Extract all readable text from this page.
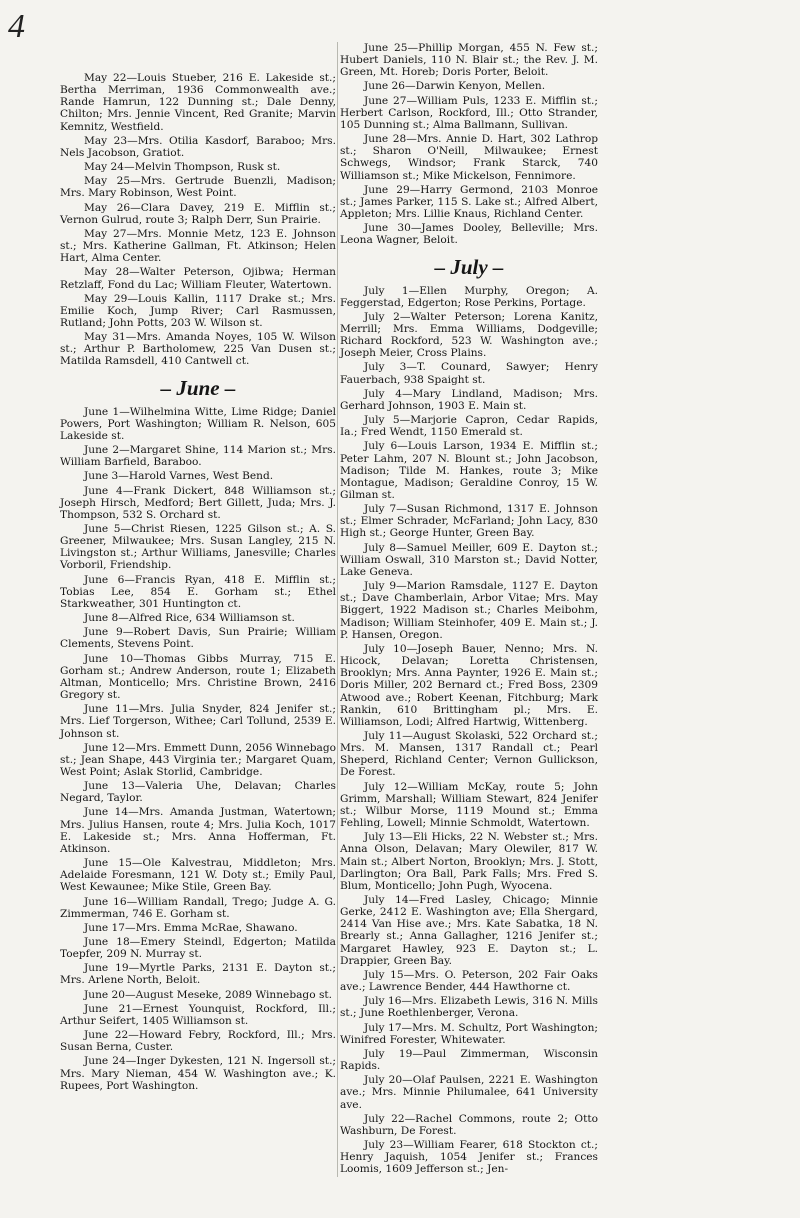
4

May 22—Louis Stueber, 216 E. Lakeside st.; Bertha Merriman, 1936 Commonwealth ave.; Rande Hamrun, 122 Dunning st.; Dale Denny, Chilton; Mrs. Jennie Vincent, Red Granite; Marvin Kemnitz, Westfield.

May 23—Mrs. Otilia Kasdorf, Baraboo; Mrs. Nels Jacobson, Gratiot.

May 24—Melvin Thompson, Rusk st.

May 25—Mrs. Gertrude Buenzli, Madison; Mrs. Mary Robinson, West Point.

May 26—Clara Davey, 219 E. Mifflin st.; Vernon Gulrud, route 3; Ralph Derr, Sun Prairie.

May 27—Mrs. Monnie Metz, 123 E. Johnson st.; Mrs. Katherine Gallman, Ft. Atkinson; Helen Hart, Alma Center.

May 28—Walter Peterson, Ojibwa; Herman Retzlaff, Fond du Lac; William Fleuter, Watertown.

May 29—Louis Kallin, 1117 Drake st.; Mrs. Emilie Koch, Jump River; Carl Rasmussen, Rutland; John Potts, 203 W. Wilson st.

May 31—Mrs. Amanda Noyes, 105 W. Wilson st.; Arthur P. Bartholomew, 225 Van Dusen st.; Matilda Ramsdell, 410 Cantwell ct.

– June –

June 1—Wilhelmina Witte, Lime Ridge; Daniel Powers, Port Washington; William R. Nelson, 605 Lakeside st.

June 2—Margaret Shine, 114 Marion st.; Mrs. William Barfield, Baraboo.

June 3—Harold Varnes, West Bend.

June 4—Frank Dickert, 848 Williamson st.; Joseph Hirsch, Medford; Bert Gillett, Juda; Mrs. J. Thompson, 532 S. Orchard st.

June 5—Christ Riesen, 1225 Gilson st.; A. S. Greener, Milwaukee; Mrs. Susan Langley, 215 N. Livingston st.; Arthur Williams, Janesville; Charles Vorboril, Friendship.

June 6—Francis Ryan, 418 E. Mifflin st.; Tobias Lee, 854 E. Gorham st.; Ethel Starkweather, 301 Huntington ct.

June 8—Alfred Rice, 634 Williamson st.

June 9—Robert Davis, Sun Prairie; William Clements, Stevens Point.

June 10—Thomas Gibbs Murray, 715 E. Gorham st.; Andrew Anderson, route 1; Elizabeth Altman, Monticello; Mrs. Christine Brown, 2416 Gregory st.

June 11—Mrs. Julia Snyder, 824 Jenifer st.; Mrs. Lief Torgerson, Withee; Carl Tollund, 2539 E. Johnson st.

June 12—Mrs. Emmett Dunn, 2056 Winnebago st.; Jean Shape, 443 Virginia ter.; Margaret Quam, West Point; Aslak Storlid, Cambridge.

June 13—Valeria Uhe, Delavan; Charles Negard, Taylor.

June 14—Mrs. Amanda Justman, Watertown; Mrs. Julius Hansen, route 4; Mrs. Julia Koch, 1017 E. Lakeside st.; Mrs. Anna Hofferman, Ft. Atkinson.

June 15—Ole Kalvestrau, Middleton; Mrs. Adelaide Foresmann, 121 W. Doty st.; Emily Paul, West Kewaunee; Mike Stile, Green Bay.

June 16—William Randall, Trego; Judge A. G. Zimmerman, 746 E. Gorham st.

June 17—Mrs. Emma McRae, Shawano.

June 18—Emery Steindl, Edgerton; Matilda Toepfer, 209 N. Murray st.

June 19—Myrtle Parks, 2131 E. Dayton st.; Mrs. Arlene North, Beloit.

June 20—August Meseke, 2089 Winnebago st.

June 21—Ernest Younquist, Rockford, Ill.; Arthur Seifert, 1405 Williamson st.

June 22—Howard Febry, Rockford, Ill.; Mrs. Susan Berna, Custer.

June 24—Inger Dykesten, 121 N. Ingersoll st.; Mrs. Mary Nieman, 454 W. Washington ave.; K. Rupees, Port Washington.

June 25—Phillip Morgan, 455 N. Few st.; Hubert Daniels, 110 N. Blair st.; the Rev. J. M. Green, Mt. Horeb; Doris Porter, Beloit.

June 26—Darwin Kenyon, Mellen.

June 27—William Puls, 1233 E. Mifflin st.; Herbert Carlson, Rockford, Ill.; Otto Strander, 105 Dunning st.; Alma Ballmann, Sullivan.

June 28—Mrs. Annie D. Hart, 302 Lathrop st.; Sharon O'Neill, Milwaukee; Ernest Schwegs, Windsor; Frank Starck, 740 Williamson st.; Mike Mickelson, Fennimore.

June 29—Harry Germond, 2103 Monroe st.; James Parker, 115 S. Lake st.; Alfred Albert, Appleton; Mrs. Lillie Knaus, Richland Center.

June 30—James Dooley, Belleville; Mrs. Leona Wagner, Beloit.

– July –

July 1—Ellen Murphy, Oregon; A. Feggerstad, Edgerton; Rose Perkins, Portage.

July 2—Walter Peterson; Lorena Kanitz, Merrill; Mrs. Emma Williams, Dodgeville; Richard Rockford, 523 W. Washington ave.; Joseph Meier, Cross Plains.

July 3—T. Counard, Sawyer; Henry Fauerbach, 938 Spaight st.

July 4—Mary Lindland, Madison; Mrs. Gerhard Johnson, 1903 E. Main st.

July 5—Marjorie Capron, Cedar Rapids, Ia.; Fred Wendt, 1150 Emerald st.

July 6—Louis Larson, 1934 E. Mifflin st.; Peter Lahm, 207 N. Blount st.; John Jacobson, Madison; Tilde M. Hankes, route 3; Mike Montague, Madison; Geraldine Conroy, 15 W. Gilman st.

July 7—Susan Richmond, 1317 E. Johnson st.; Elmer Schrader, McFarland; John Lacy, 830 High st.; George Hunter, Green Bay.

July 8—Samuel Meiller, 609 E. Dayton st.; William Oswall, 310 Marston st.; David Notter, Lake Geneva.

July 9—Marion Ramsdale, 1127 E. Dayton st.; Dave Chamberlain, Arbor Vitae; Mrs. May Biggert, 1922 Madison st.; Charles Meibohm, Madison; William Steinhofer, 409 E. Main st.; J. P. Hansen, Oregon.

July 10—Joseph Bauer, Nenno; Mrs. N. Hicock, Delavan; Loretta Christensen, Brooklyn; Mrs. Anna Paynter, 1926 E. Main st.; Doris Miller, 202 Bernard ct.; Fred Boss, 2309 Atwood ave.; Robert Keenan, Fitchburg; Mark Rankin, 610 Brittingham pl.; Mrs. E. Williamson, Lodi; Alfred Hartwig, Wittenberg.

July 11—August Skolaski, 522 Orchard st.; Mrs. M. Mansen, 1317 Randall ct.; Pearl Sheperd, Richland Center; Vernon Gullickson, De Forest.

July 12—William McKay, route 5; John Grimm, Marshall; William Stewart, 824 Jenifer st.; Wilbur Morse, 1119 Mound st.; Emma Fehling, Lowell; Minnie Schmoldt, Watertown.

July 13—Eli Hicks, 22 N. Webster st.; Mrs. Anna Olson, Delavan; Mary Olewiler, 817 W. Main st.; Albert Norton, Brooklyn; Mrs. J. Stott, Darlington; Ora Ball, Park Falls; Mrs. Fred S. Blum, Monticello; John Pugh, Wyocena.

July 14—Fred Lasley, Chicago; Minnie Gerke, 2412 E. Washington ave; Ella Shergard, 2414 Van Hise ave.; Mrs. Kate Sabatka, 18 N. Brearly st.; Anna Gallagher, 1216 Jenifer st.; Margaret Hawley, 923 E. Dayton st.; L. Drappier, Green Bay.

July 15—Mrs. O. Peterson, 202 Fair Oaks ave.; Lawrence Bender, 444 Hawthorne ct.

July 16—Mrs. Elizabeth Lewis, 316 N. Mills st.; June Roethlenberger, Verona.

July 17—Mrs. M. Schultz, Port Washington; Winifred Forester, Whitewater.

July 19—Paul Zimmerman, Wisconsin Rapids.

July 20—Olaf Paulsen, 2221 E. Washington ave.; Mrs. Minnie Philumalee, 641 University ave.

July 22—Rachel Commons, route 2; Otto Washburn, De Forest.

July 23—William Fearer, 618 Stockton ct.; Henry Jaquish, 1054 Jenifer st.; Frances Loomis, 1609 Jefferson st.; Jen-
